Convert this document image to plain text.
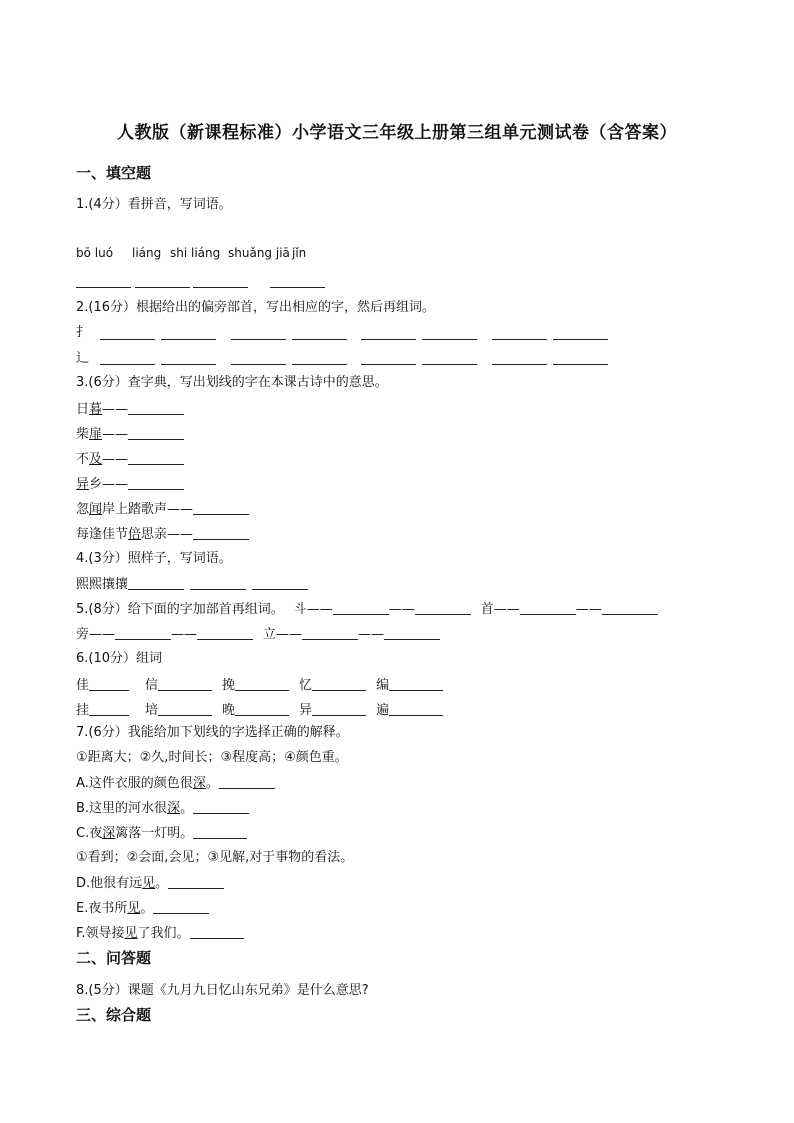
人教版（新课程标准）小学语文三年级上册第三组单元测试卷（含答案）
一、填空题
1.(4分）看拼音，写词语。
bō luó liáng shi liáng shuǎng jiā jǐn
2.(16分）根据给出的偏旁部首，写出相应的字，然后再组词。
扌
辶
3.(6分）查字典，写出划线的字在本课古诗中的意思。
日暮——
柴扉——
不及——
异乡——
忽闻岸上踏歌声——
每逢佳节倍思亲——
4.(3分）照样子，写词语。
熙熙攘攘
5.(8分）给下面的字加部首再组词。 斗——	——	首——	——
旁——	——	立——	——
6.(10分）组词
佳	信	挽	忆	编
挂	培	晚	异	遍
7.(6分）我能给加下划线的字选择正确的解释。
①距离大；②久,时间长；③程度高；④颜色重。
A.这件衣服的颜色很深。
B.这里的河水很深。
C.夜深篱落一灯明。
①看到；②会面,会见；③见解,对于事物的看法。
D.他很有远见。
E.夜书所见。
F.领导接见了我们。
二、问答题
8.(5分）课题《九月九日忆山东兄弟》是什么意思?
三、综合题
